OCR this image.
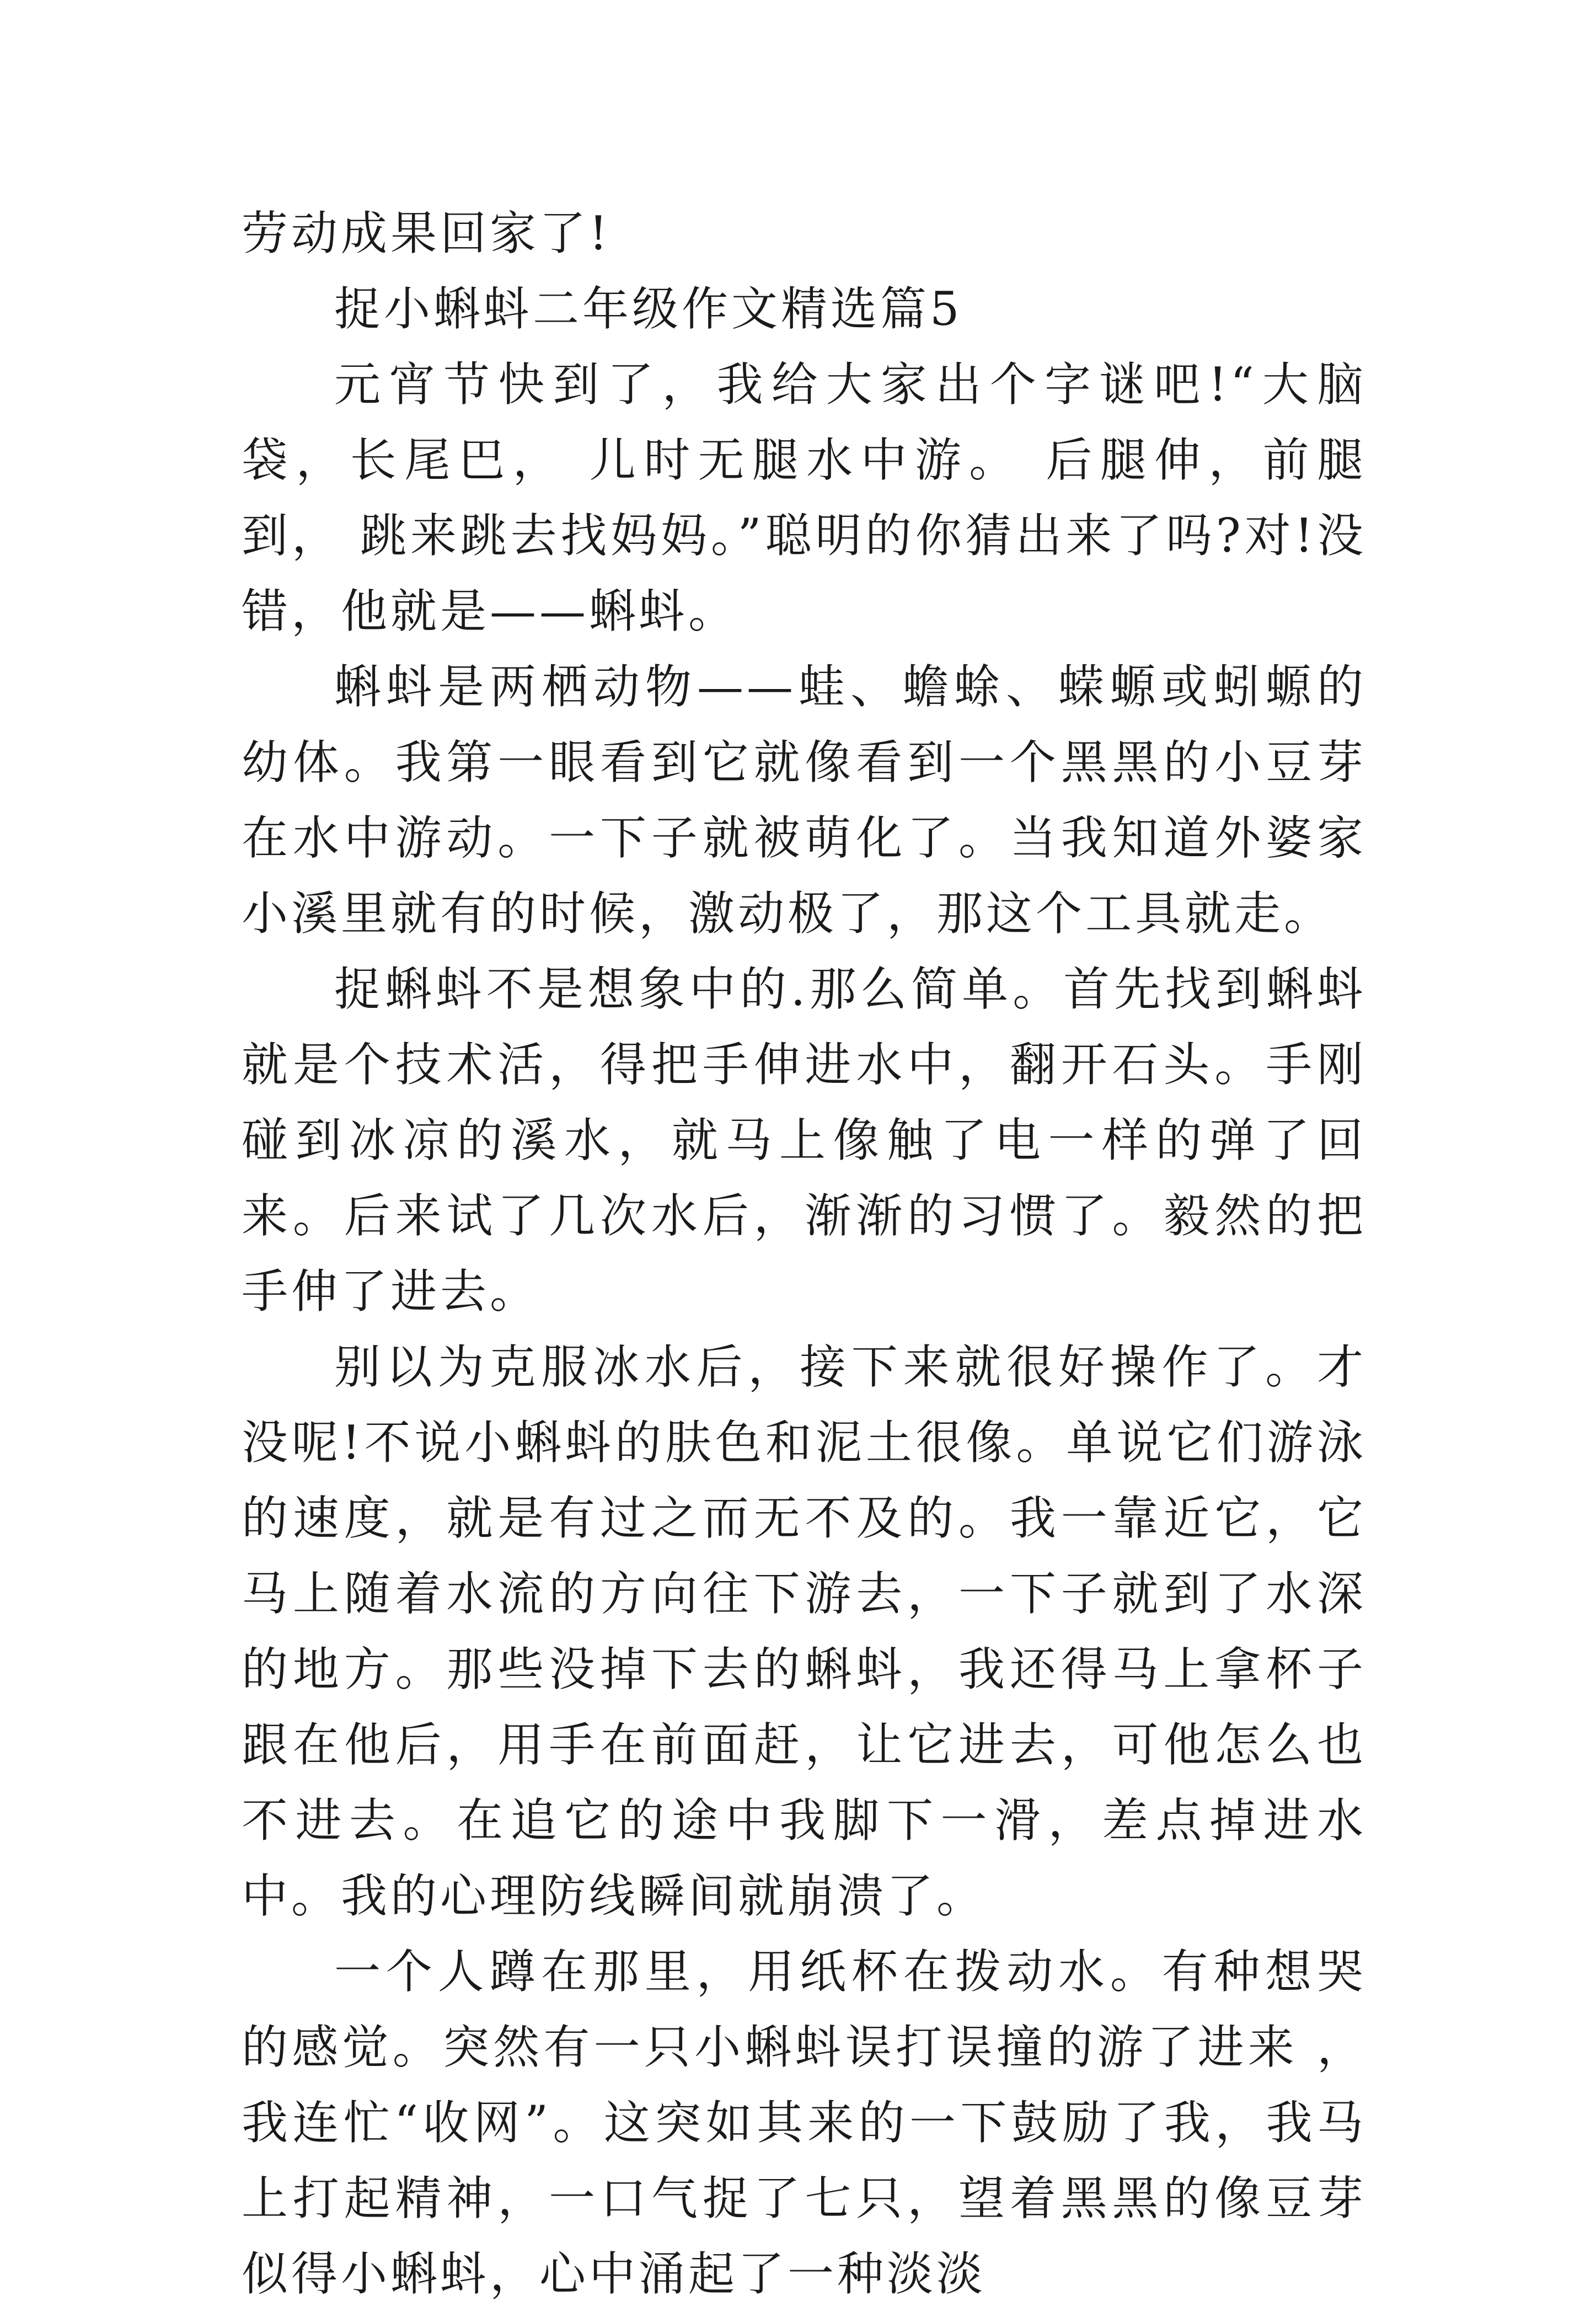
劳动成果回家了!

捉小蝌蚪二年级作文精选篇5

元宵节快到了，我给大家出个字谜吧!“大脑袋，长尾巴， 儿时无腿水中游。 后腿伸，前腿到， 跳来跳去找妈妈。”聪明的你猜出来了吗?对!没错，他就是——蝌蚪。

蝌蚪是两栖动物——蛙、蟾蜍、蝾螈或蚓螈的幼体。我第一眼看到它就像看到一个黑黑的小豆芽在水中游动。一下子就被萌化了。当我知道外婆家小溪里就有的时候，激动极了，那这个工具就走。

捉蝌蚪不是想象中的.那么简单。首先找到蝌蚪就是个技术活，得把手伸进水中，翻开石头。手刚碰到冰凉的溪水，就马上像触了电一样的弹了回来。后来试了几次水后，渐渐的习惯了。毅然的把手伸了进去。

别以为克服冰水后，接下来就很好操作了。才没呢!不说小蝌蚪的肤色和泥土很像。单说它们游泳的速度，就是有过之而无不及的。我一靠近它，它马上随着水流的方向往下游去，一下子就到了水深的地方。那些没掉下去的蝌蚪，我还得马上拿杯子跟在他后，用手在前面赶，让它进去，可他怎么也不进去。在追它的途中我脚下一滑，差点掉进水中。我的心理防线瞬间就崩溃了。

一个人蹲在那里，用纸杯在拨动水。有种想哭的感觉。突然有一只小蝌蚪误打误撞的游了进来 ，我连忙“收网”。这突如其来的一下鼓励了我，我马上打起精神，一口气捉了七只，望着黑黑的像豆芽似得小蝌蚪，心中涌起了一种淡淡
